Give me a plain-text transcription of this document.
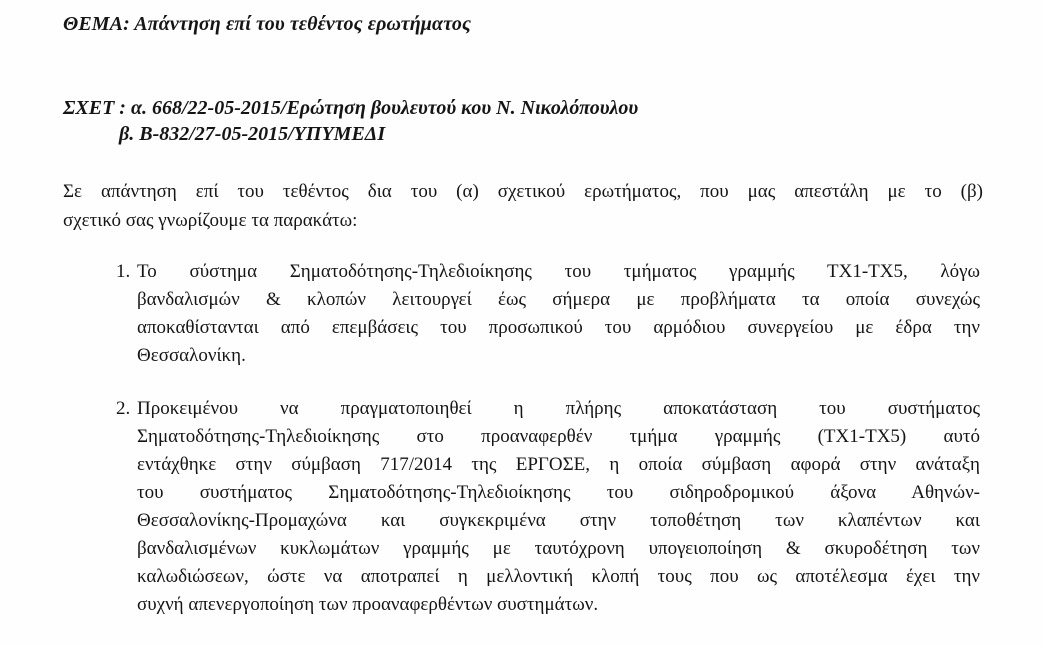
ΘΕΜΑ: Απάντηση επί του τεθέντος ερωτήματος
ΣΧΕΤ : α. 668/22-05-2015/Ερώτηση βουλευτού κου Ν. Νικολόπουλου
β. Β-832/27-05-2015/ΥΠΥΜΕΔΙ
Σε απάντηση επί του τεθέντος δια του (α) σχετικού ερωτήματος, που μας απεστάλη με το (β)
σχετικό σας γνωρίζουμε τα παρακάτω:
1. Το σύστημα Σηματοδότησης-Τηλεδιοίκησης του τμήματος γραμμής ΤΧ1-ΤΧ5, λόγω
βανδαλισμών & κλοπών λειτουργεί έως σήμερα με προβλήματα τα οποία συνεχώς
αποκαθίστανται από επεμβάσεις του προσωπικού του αρμόδιου συνεργείου με έδρα την
Θεσσαλονίκη.
2. Προκειμένου να πραγματοποιηθεί η πλήρης αποκατάσταση του συστήματος
Σηματοδότησης-Τηλεδιοίκησης στο προαναφερθέν τμήμα γραμμής (ΤΧ1-ΤΧ5) αυτό
εντάχθηκε στην σύμβαση 717/2014 της ΕΡΓΟΣΕ, η οποία σύμβαση αφορά στην ανάταξη
του συστήματος Σηματοδότησης-Τηλεδιοίκησης του σιδηροδρομικού άξονα Αθηνών-
Θεσσαλονίκης-Προμαχώνα και συγκεκριμένα στην τοποθέτηση των κλαπέντων και
βανδαλισμένων κυκλωμάτων γραμμής με ταυτόχρονη υπογειοποίηση & σκυροδέτηση των
καλωδιώσεων, ώστε να αποτραπεί η μελλοντική κλοπή τους που ως αποτέλεσμα έχει την
συχνή απενεργοποίηση των προαναφερθέντων συστημάτων.
